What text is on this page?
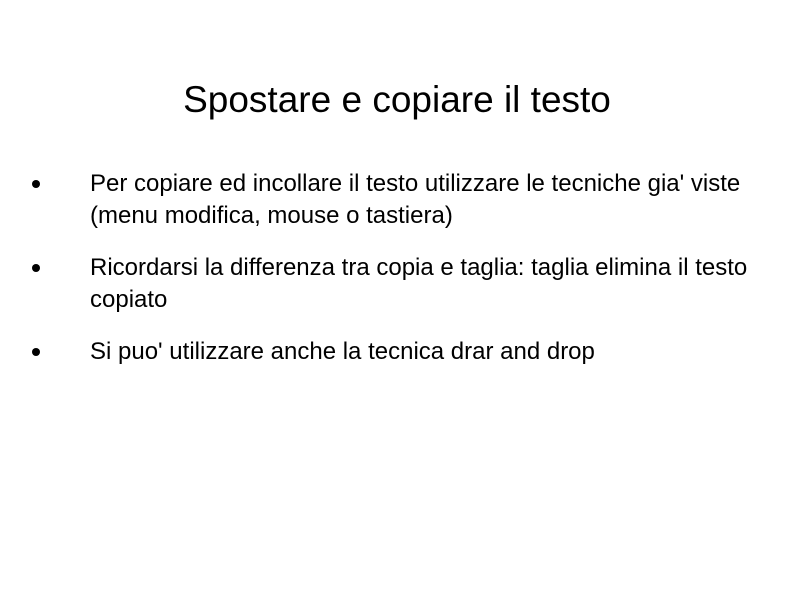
Spostare e copiare il testo
Per copiare ed incollare il testo utilizzare le tecniche gia' viste (menu modifica, mouse o tastiera)
Ricordarsi la differenza tra copia e taglia: taglia elimina il testo copiato
Si puo' utilizzare anche la tecnica drar and drop
